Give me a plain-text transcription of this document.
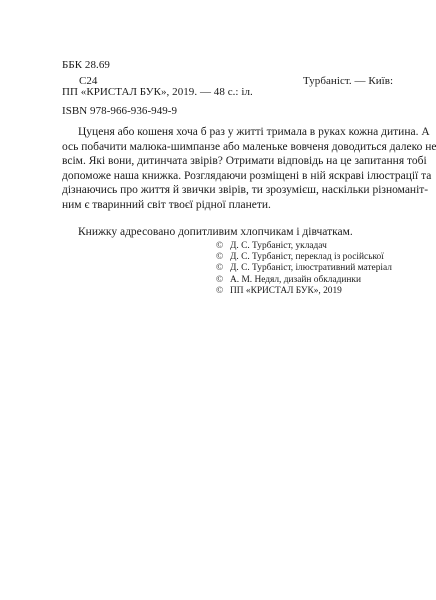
ББК 28.69
С24	Турбаніст. — Київ:
ПП «КРИСТАЛ БУК», 2019. — 48 с.: іл.
ISBN 978-966-936-949-9
Цуценя або кошеня хоча б раз у житті тримала в руках кожна дитина. А
ось побачити малюка-шимпанзе або маленьке вовченя доводиться далеко не
всім. Які вони, дитинчата звірів? Отримати відповідь на це запитання тобі
допоможе наша книжка. Розглядаючи розміщені в ній яскраві ілюстрації та
дізнаючись про життя й звички звірів, ти зрозумієш, наскільки різноманіт-
ним є тваринний світ твоєї рідної планети.
Книжку адресовано допитливим хлопчикам і дівчаткам.
© Д. С. Турбаніст, укладач
© Д. С. Турбаніст, переклад із російської
© Д. С. Турбаніст, ілюстративний матеріал
© А. М. Недял, дизайн обкладинки
© ПП «КРИСТАЛ БУК», 2019
